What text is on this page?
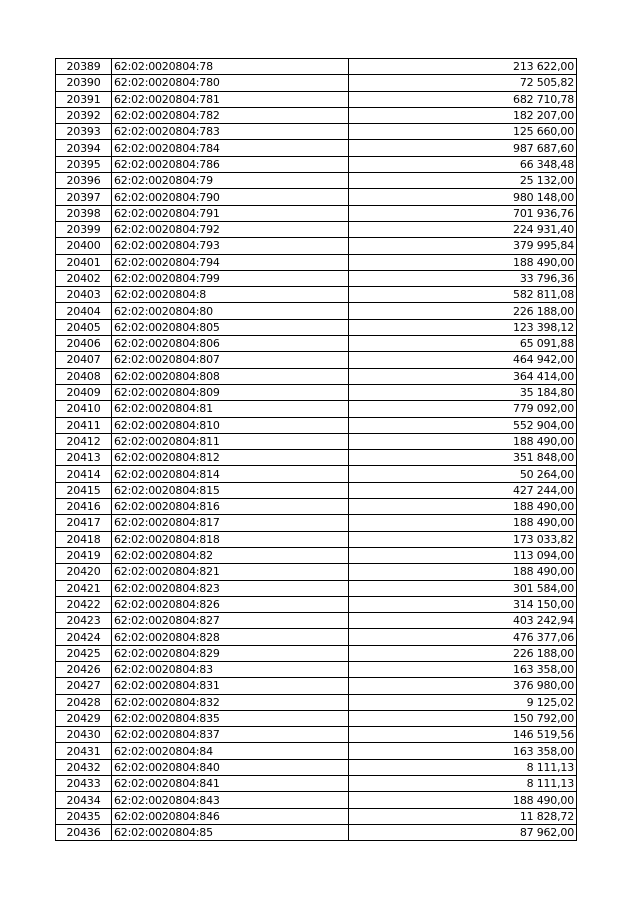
20389	62:02:0020804:78	213 622,00
20390	62:02:0020804:780	72 505,82
20391	62:02:0020804:781	682 710,78
20392	62:02:0020804:782	182 207,00
20393	62:02:0020804:783	125 660,00
20394	62:02:0020804:784	987 687,60
20395	62:02:0020804:786	66 348,48
20396	62:02:0020804:79	25 132,00
20397	62:02:0020804:790	980 148,00
20398	62:02:0020804:791	701 936,76
20399	62:02:0020804:792	224 931,40
20400	62:02:0020804:793	379 995,84
20401	62:02:0020804:794	188 490,00
20402	62:02:0020804:799	33 796,36
20403	62:02:0020804:8	582 811,08
20404	62:02:0020804:80	226 188,00
20405	62:02:0020804:805	123 398,12
20406	62:02:0020804:806	65 091,88
20407	62:02:0020804:807	464 942,00
20408	62:02:0020804:808	364 414,00
20409	62:02:0020804:809	35 184,80
20410	62:02:0020804:81	779 092,00
20411	62:02:0020804:810	552 904,00
20412	62:02:0020804:811	188 490,00
20413	62:02:0020804:812	351 848,00
20414	62:02:0020804:814	50 264,00
20415	62:02:0020804:815	427 244,00
20416	62:02:0020804:816	188 490,00
20417	62:02:0020804:817	188 490,00
20418	62:02:0020804:818	173 033,82
20419	62:02:0020804:82	113 094,00
20420	62:02:0020804:821	188 490,00
20421	62:02:0020804:823	301 584,00
20422	62:02:0020804:826	314 150,00
20423	62:02:0020804:827	403 242,94
20424	62:02:0020804:828	476 377,06
20425	62:02:0020804:829	226 188,00
20426	62:02:0020804:83	163 358,00
20427	62:02:0020804:831	376 980,00
20428	62:02:0020804:832	9 125,02
20429	62:02:0020804:835	150 792,00
20430	62:02:0020804:837	146 519,56
20431	62:02:0020804:84	163 358,00
20432	62:02:0020804:840	8 111,13
20433	62:02:0020804:841	8 111,13
20434	62:02:0020804:843	188 490,00
20435	62:02:0020804:846	11 828,72
20436	62:02:0020804:85	87 962,00
